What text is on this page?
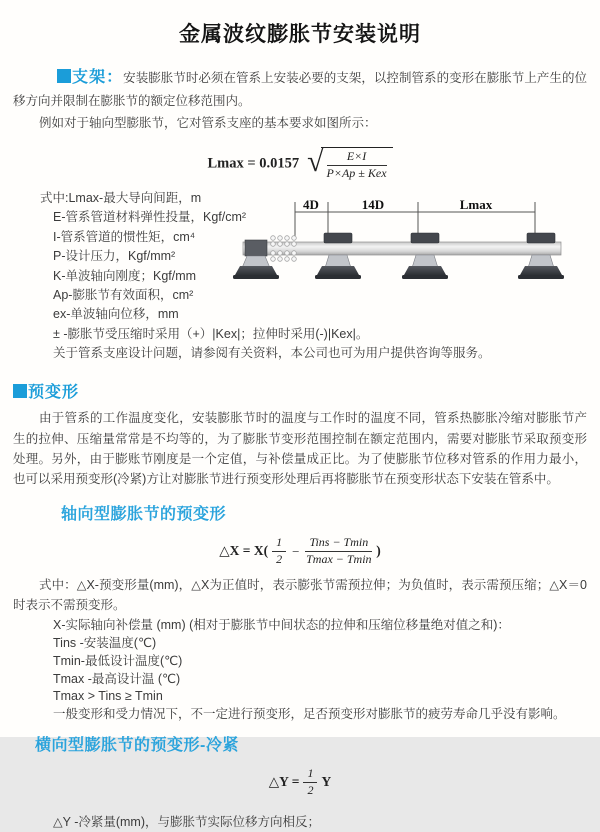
金属波纹膨胀节安装说明

支架：安装膨胀节时必须在管系上安装必要的支架，以控制管系的变形在膨胀节上产生的位移方向并限制在膨胀节的额定位移范围内。

例如对于轴向型膨胀节，它对管系支座的基本要求如图所示：

Lmax = 0.0157 √ $\frac{E\times I}{\text{P×Ap ± Kex}}$
式中:Lmax-最大导向间距，m
E-管系管道材料弹性投量，Kgf/cm²
I-管系管道的惯性矩，cm⁴
P-设计压力，Kgf/mm²
K-单波轴向刚度；Kgf/mm
Ap-膨胀节有效面积，cm²
ex-单波轴向位移，mm
± -膨胀节受压缩时采用（+）|Kex|；拉伸时采用(-)|Kex|。
关于管系支座设计问题，请参阅有关资料，本公司也可为用户提供咨询等服务。
4D	14D	Lmax
预变形

由于管系的工作温度变化，安装膨胀节时的温度与工作时的温度不同，管系热膨胀冷缩对膨胀节产生的拉伸、压缩量常常是不均等的，为了膨胀节变形范围控制在额定范围内，需要对膨胀节采取预变形处理。另外，由于膨账节刚度是一个定值，与补偿量成正比。为了使膨胀节位移对管系的作用力最小，也可以采用预变形(冷紧)方让对膨胀节进行预变形处理后再将膨胀节在预变形状态下安装在管系中。

轴向型膨胀节的预变形
△X = $X( \frac{1}{2} - \frac{\text{Tins − Tmin}}{Tmax - Tmin}$ )

式中：△X-预变形量(mm)，△X为正值时，表示膨张节需预拉伸；为负值时，表示需预压缩；△X＝0时表示不需预变形。

X-实际轴向补偿量 (mm) (相对于膨胀节中间状态的拉伸和压缩位移量绝对值之和)：
Tins -安装温度(℃)
Tmin-最低设计温度(℃)
Tmax -最高设计温 (℃)
Tmax > Tins ≥ Tmin
一般变形和受力情况下，不一定进行预变形，足否预变形对膨胀节的疲劳寿命几乎没有影响。
横向型膨胀节的预变形-冷紧
△Y = $\frac{1}{2}$ Y

△Y -冷紧量(mm)，与膨胀节实际位移方向相反；
